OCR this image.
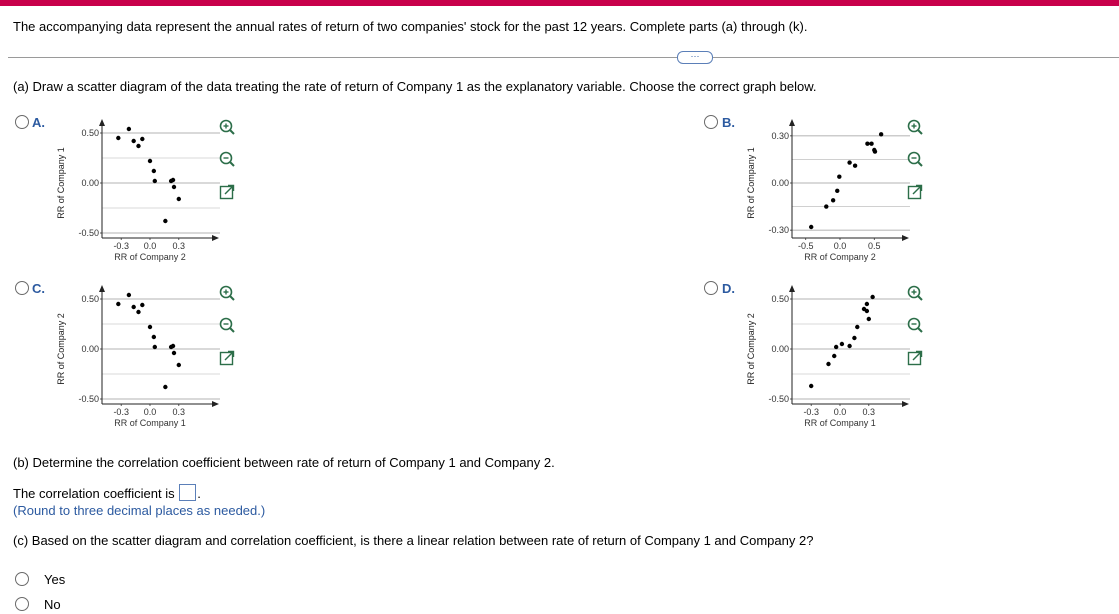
The accompanying data represent the annual rates of return of two companies' stock for the past 12 years. Complete parts (a) through (k).
···
(a) Draw a scatter diagram of the data treating the rate of return of Company 1 as the explanatory variable. Choose the correct graph below.
A.
0.50
0.00
-0.50
-0.3 0.0 0.3
RR of Company 2
RR of Company 1
B.
0.30
0.00
-0.30
-0.5 0.0 0.5
RR of Company 2
RR of Company 1
C.
0.50
0.00
-0.50
-0.3 0.0 0.3
RR of Company 1
RR of Company 2
D.
0.50
0.00
-0.50
-0.3 0.0 0.3
RR of Company 1
RR of Company 2
(b) Determine the correlation coefficient between rate of return of Company 1 and Company 2.
The correlation coefficient is .
(Round to three decimal places as needed.)
(c) Based on the scatter diagram and correlation coefficient, is there a linear relation between rate of return of Company 1 and Company 2?
Yes
No
